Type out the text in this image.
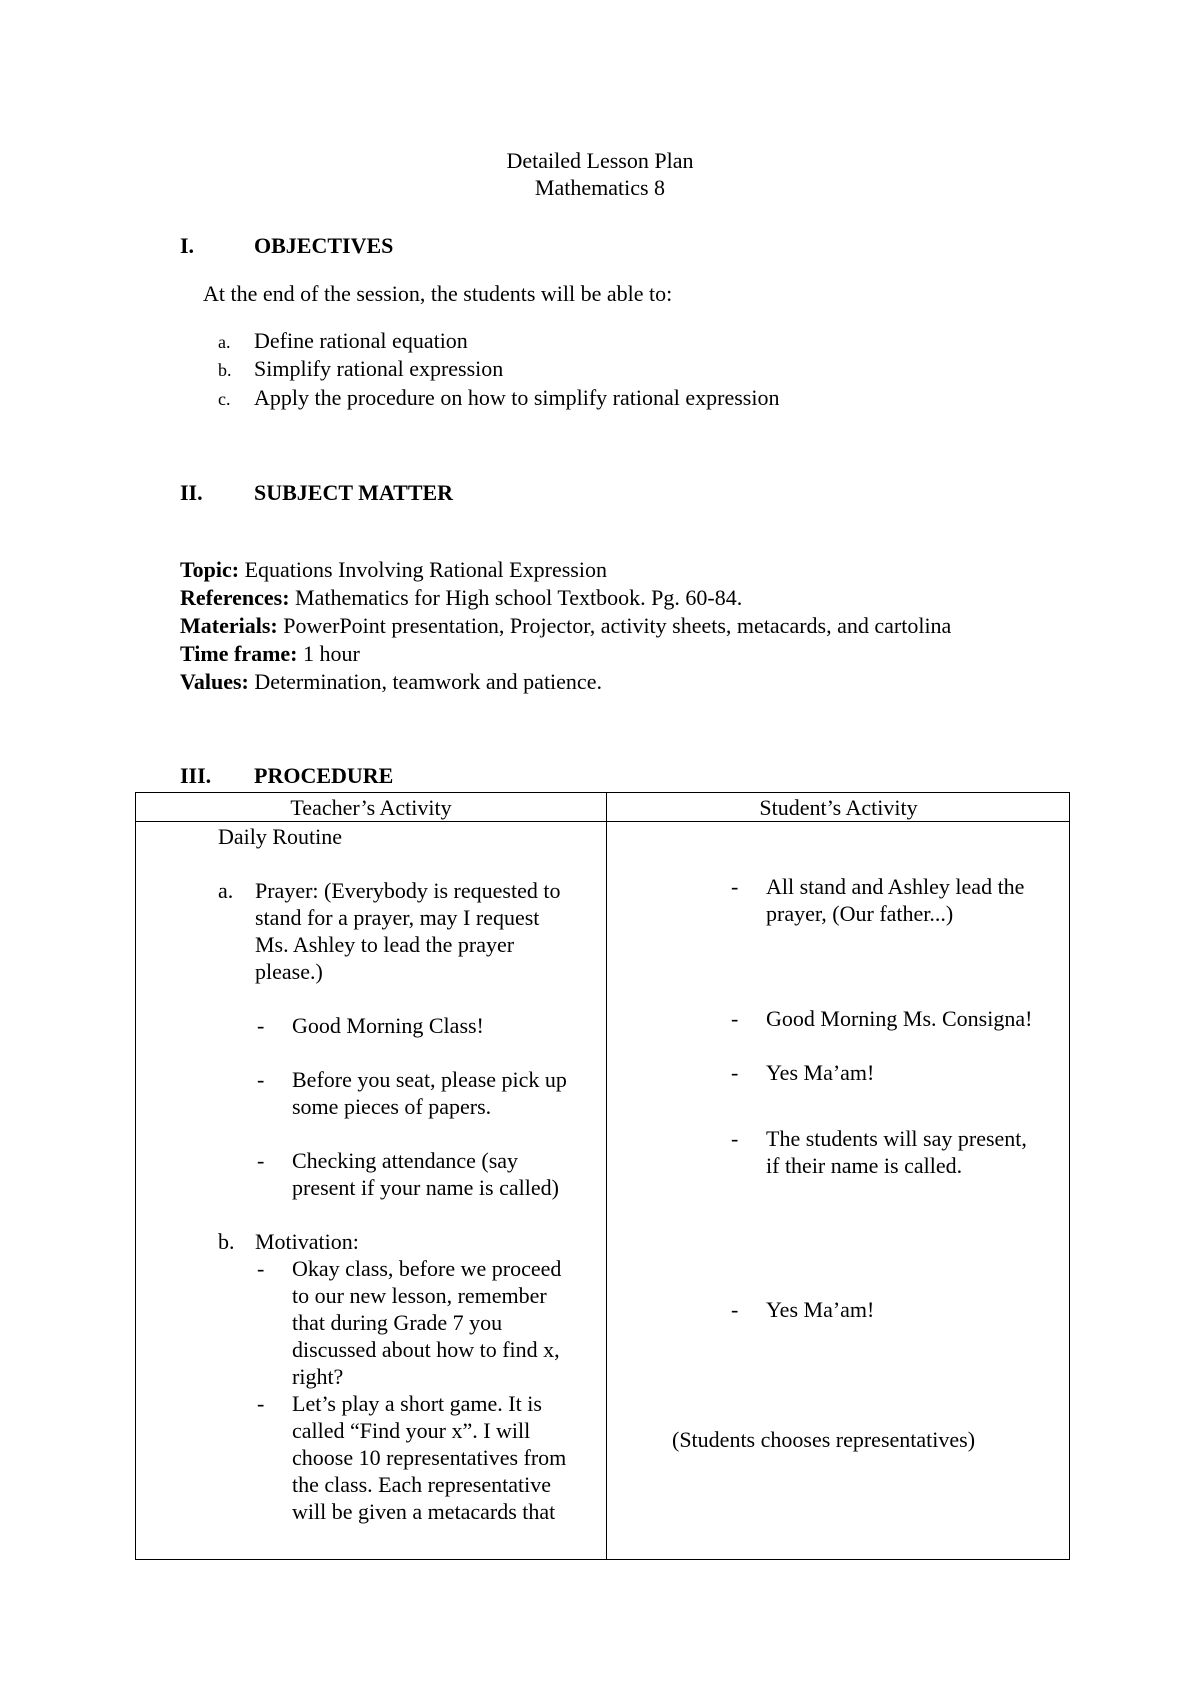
Detailed Lesson Plan
Mathematics 8
I.	OBJECTIVES
At the end of the session, the students will be able to:
a. Define rational equation
b. Simplify rational expression
c. Apply the procedure on how to simplify rational expression
II. SUBJECT MATTER
Topic: Equations Involving Rational Expression
References: Mathematics for High school Textbook. Pg. 60-84.
Materials: PowerPoint presentation, Projector, activity sheets, metacards, and cartolina
Time frame: 1 hour
Values: Determination, teamwork and patience.
III. PROCEDURE
Teacher’s Activity	Student’s Activity
Daily Routine
a. Prayer: (Everybody is requested to
stand for a prayer, may I request
Ms. Ashley to lead the prayer
please.)
- Good Morning Class!
- Before you seat, please pick up
some pieces of papers.
- Checking attendance (say
present if your name is called)
b. Motivation:
- Okay class, before we proceed
to our new lesson, remember
that during Grade 7 you
discussed about how to find x,
right?
- Let’s play a short game. It is
called “Find your x”. I will
choose 10 representatives from
the class. Each representative
will be given a metacards that
- All stand and Ashley lead the
prayer, (Our father...)
- Good Morning Ms. Consigna!
- Yes Ma’am!
- The students will say present,
if their name is called.
- Yes Ma’am!
(Students chooses representatives)
